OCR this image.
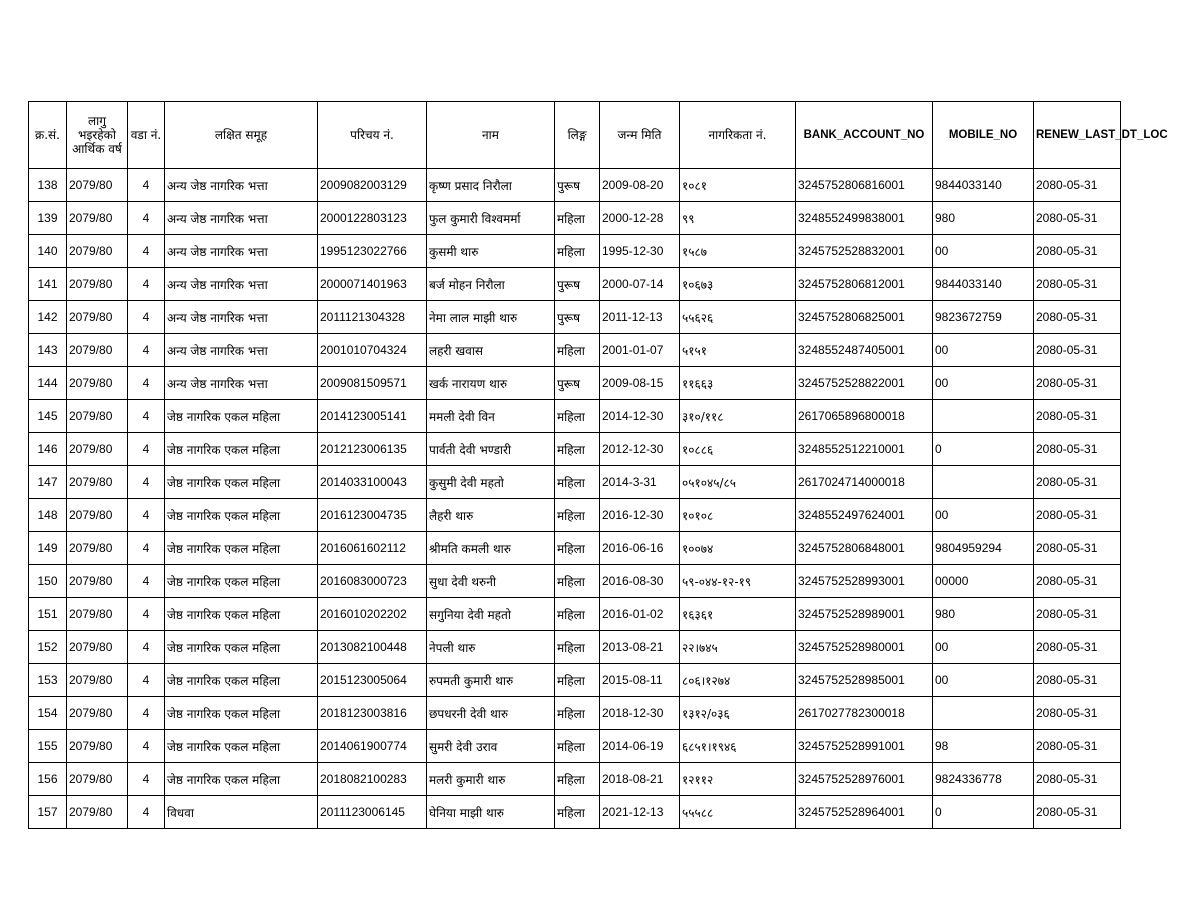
क्र.सं.	लागु भइरहेको आर्थिक वर्ष	वडा नं.	लक्षित समूह	परिचय नं.	नाम	लिङ्ग	जन्म मिति	नागरिकता नं.	BANK_ACCOUNT_NO	MOBILE_NO	RENEW_LAST_DT_LOC
138	2079/80	4	अन्य जेष्ठ नागरिक भत्ता	2009082003129	कृष्ण प्रसाद निरौला	पुरूष	2009-08-20	१०८१	3245752806816001	9844033140	2080-05-31
139	2079/80	4	अन्य जेष्ठ नागरिक भत्ता	2000122803123	फुल कुमारी विश्वमर्मा	महिला	2000-12-28	९९	3248552499838001	980	2080-05-31
140	2079/80	4	अन्य जेष्ठ नागरिक भत्ता	1995123022766	कुसमी थारु	महिला	1995-12-30	१५८७	3245752528832001	00	2080-05-31
141	2079/80	4	अन्य जेष्ठ नागरिक भत्ता	2000071401963	बर्ज मोहन निरौला	पुरूष	2000-07-14	१०६७३	3245752806812001	9844033140	2080-05-31
142	2079/80	4	अन्य जेष्ठ नागरिक भत्ता	2011121304328	नेमा लाल माझी थारु	पुरूष	2011-12-13	५५६२६	3245752806825001	9823672759	2080-05-31
143	2079/80	4	अन्य जेष्ठ नागरिक भत्ता	2001010704324	लहरी खवास	महिला	2001-01-07	५१५१	3248552487405001	00	2080-05-31
144	2079/80	4	अन्य जेष्ठ नागरिक भत्ता	2009081509571	खर्क नारायण थारु	पुरूष	2009-08-15	११६६३	3245752528822001	00	2080-05-31
145	2079/80	4	जेष्ठ नागरिक एकल महिला	2014123005141	ममली देवी विन	महिला	2014-12-30	३१०/११८	2617065896800018		2080-05-31
146	2079/80	4	जेष्ठ नागरिक एकल महिला	2012123006135	पार्वती देवी भण्डारी	महिला	2012-12-30	१०८८६	3248552512210001	0	2080-05-31
147	2079/80	4	जेष्ठ नागरिक एकल महिला	2014033100043	कुसुमी देवी महतो	महिला	2014-3-31	०५१०४५/८५	2617024714000018		2080-05-31
148	2079/80	4	जेष्ठ नागरिक एकल महिला	2016123004735	लैहरी थारु	महिला	2016-12-30	१०१०८	3248552497624001	00	2080-05-31
149	2079/80	4	जेष्ठ नागरिक एकल महिला	2016061602112	श्रीमति कमली थारु	महिला	2016-06-16	१००७४	3245752806848001	9804959294	2080-05-31
150	2079/80	4	जेष्ठ नागरिक एकल महिला	2016083000723	सुधा देवी थरुनी	महिला	2016-08-30	५९-०४४-१२-१९	3245752528993001	00000	2080-05-31
151	2079/80	4	जेष्ठ नागरिक एकल महिला	2016010202202	सगुनिया देवी महतो	महिला	2016-01-02	१६३६१	3245752528989001	980	2080-05-31
152	2079/80	4	जेष्ठ नागरिक एकल महिला	2013082100448	नेपली थारु	महिला	2013-08-21	२२।७४५	3245752528980001	00	2080-05-31
153	2079/80	4	जेष्ठ नागरिक एकल महिला	2015123005064	रुपमती कुमारी थारु	महिला	2015-08-11	८०६।१२७४	3245752528985001	00	2080-05-31
154	2079/80	4	जेष्ठ नागरिक एकल महिला	2018123003816	छपधरनी देवी थारु	महिला	2018-12-30	१३१२/०३६	2617027782300018		2080-05-31
155	2079/80	4	जेष्ठ नागरिक एकल महिला	2014061900774	सुमरी देवी उराव	महिला	2014-06-19	६८५१।१९४६	3245752528991001	98	2080-05-31
156	2079/80	4	जेष्ठ नागरिक एकल महिला	2018082100283	मलरी कुमारी थारु	महिला	2018-08-21	१२११२	3245752528976001	9824336778	2080-05-31
157	2079/80	4	विधवा	2011123006145	घेनिया माझी थारु	महिला	2021-12-13	५५५८८	3245752528964001	0	2080-05-31
